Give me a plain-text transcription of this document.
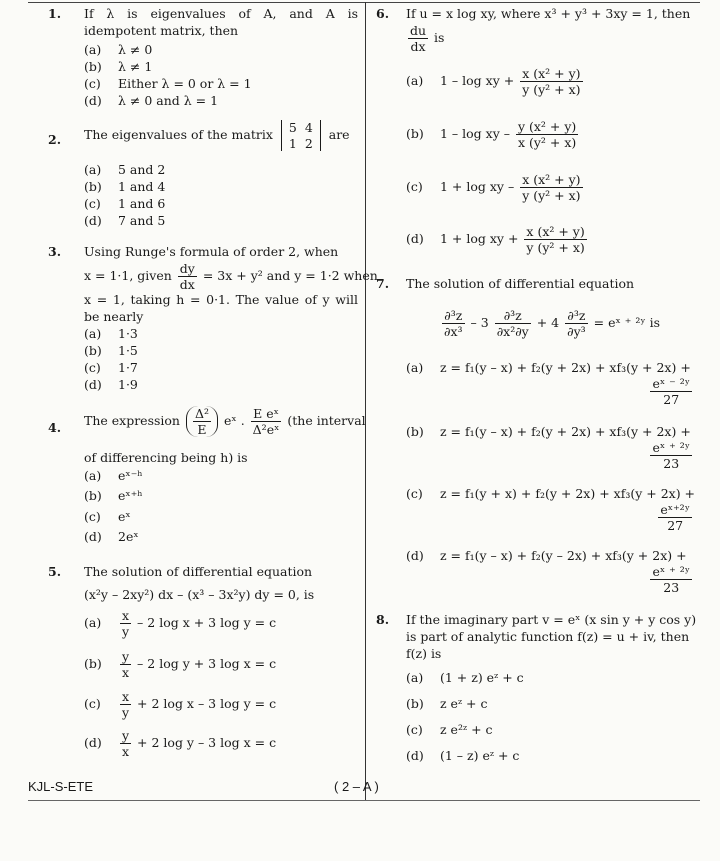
1. If λ is eigenvalues of A, and A is idempotent matrix, then
(a) λ ≠ 0
(b) λ ≠ 1
(c) Either λ = 0 or λ = 1
(d) λ ≠ 0 and λ = 1
2. The eigenvalues of the matrix 5	4
1	2
are
(a) 5 and 2
(b) 1 and 4
(c) 1 and 6
(d) 7 and 5
3. Using Runge's formula of order 2, when
x = 1·1, given $\frac{dy}{dx} = 3x + y^2$ and y = 1·2 when
x = 1, taking h = 0·1. The value of y will be nearly
(a) 1·3
(b) 1·5
(c) 1·7
(d) 1·9
4. The expression $\frac{\text{Δ²}}{E}$ eˣ . $\frac{\text{E eˣ}}{\text{Δ²eˣ}} (the$ interval
of differencing being h) is
(a) eˣ⁻ʰ
(b) eˣ⁺ʰ
(c) eˣ
(d) 2eˣ
5. The solution of differential equation
(x²y – 2xy²) dx – (x³ – 3x²y) dy = 0, is
$(a) \frac{x}{y} - 2$ log x + 3 log y = c
$(b) \frac{y}{x} - 2$ log y + 3 log x = c
$(c) \frac{x}{y} + 2$ log x – 3 log y = c
$(d) \frac{y}{x} + 2$ log y – 3 log x = c
6. If u = x log xy, where x³ + y³ + 3xy = 1, then
$\frac{du}{dx}$ is
(a) 1 – log xy + $\frac{\text{x (x² + y)}}{\text{y (y² + x)}}$
(b) 1 – log xy – $\frac{\text{y (x² + y)}}{\text{x (y² + x)}}$
(c) 1 + log xy – $\frac{\text{x (x² + y)}}{\text{y (y² + x)}}$
(d) 1 + log xy + $\frac{\text{x (x² + y)}}{\text{y (y² + x)}}$
7. The solution of differential equation
$\frac{\text{∂³z}}{\text{∂x³}} - 3 \frac{\text{∂³z}}{\text{∂x²∂y}} + 4 \frac{\text{∂³z}}{\text{∂y³}}$ = eˣ ⁺ ²ʸ is
(a) z = f₁(y – x) + f₂(y + 2x) + xf₃(y + 2x) +
$\frac{\text{eˣ ⁻ ²ʸ}}{27}$
(b) z = f₁(y – x) + f₂(y + 2x) + xf₃(y + 2x) +
$\frac{\text{eˣ ⁺ ²ʸ}}{23}$
(c) z = f₁(y + x) + f₂(y + 2x) + xf₃(y + 2x) +
$\frac{\text{eˣ⁺²ʸ}}{27}$
(d) z = f₁(y – x) + f₂(y – 2x) + xf₃(y + 2x) +
$\frac{\text{eˣ ⁺ ²ʸ}}{23}$
8. If the imaginary part v = eˣ (x sin y + y cos y)
is part of analytic function f(z) = u + iv, then
f(z) is
(a) (1 + z) eᶻ + c
(b) z eᶻ + c
(c) z e²ᶻ + c
(d) (1 – z) eᶻ + c
KJL-S-ETE	( 2 – A )
